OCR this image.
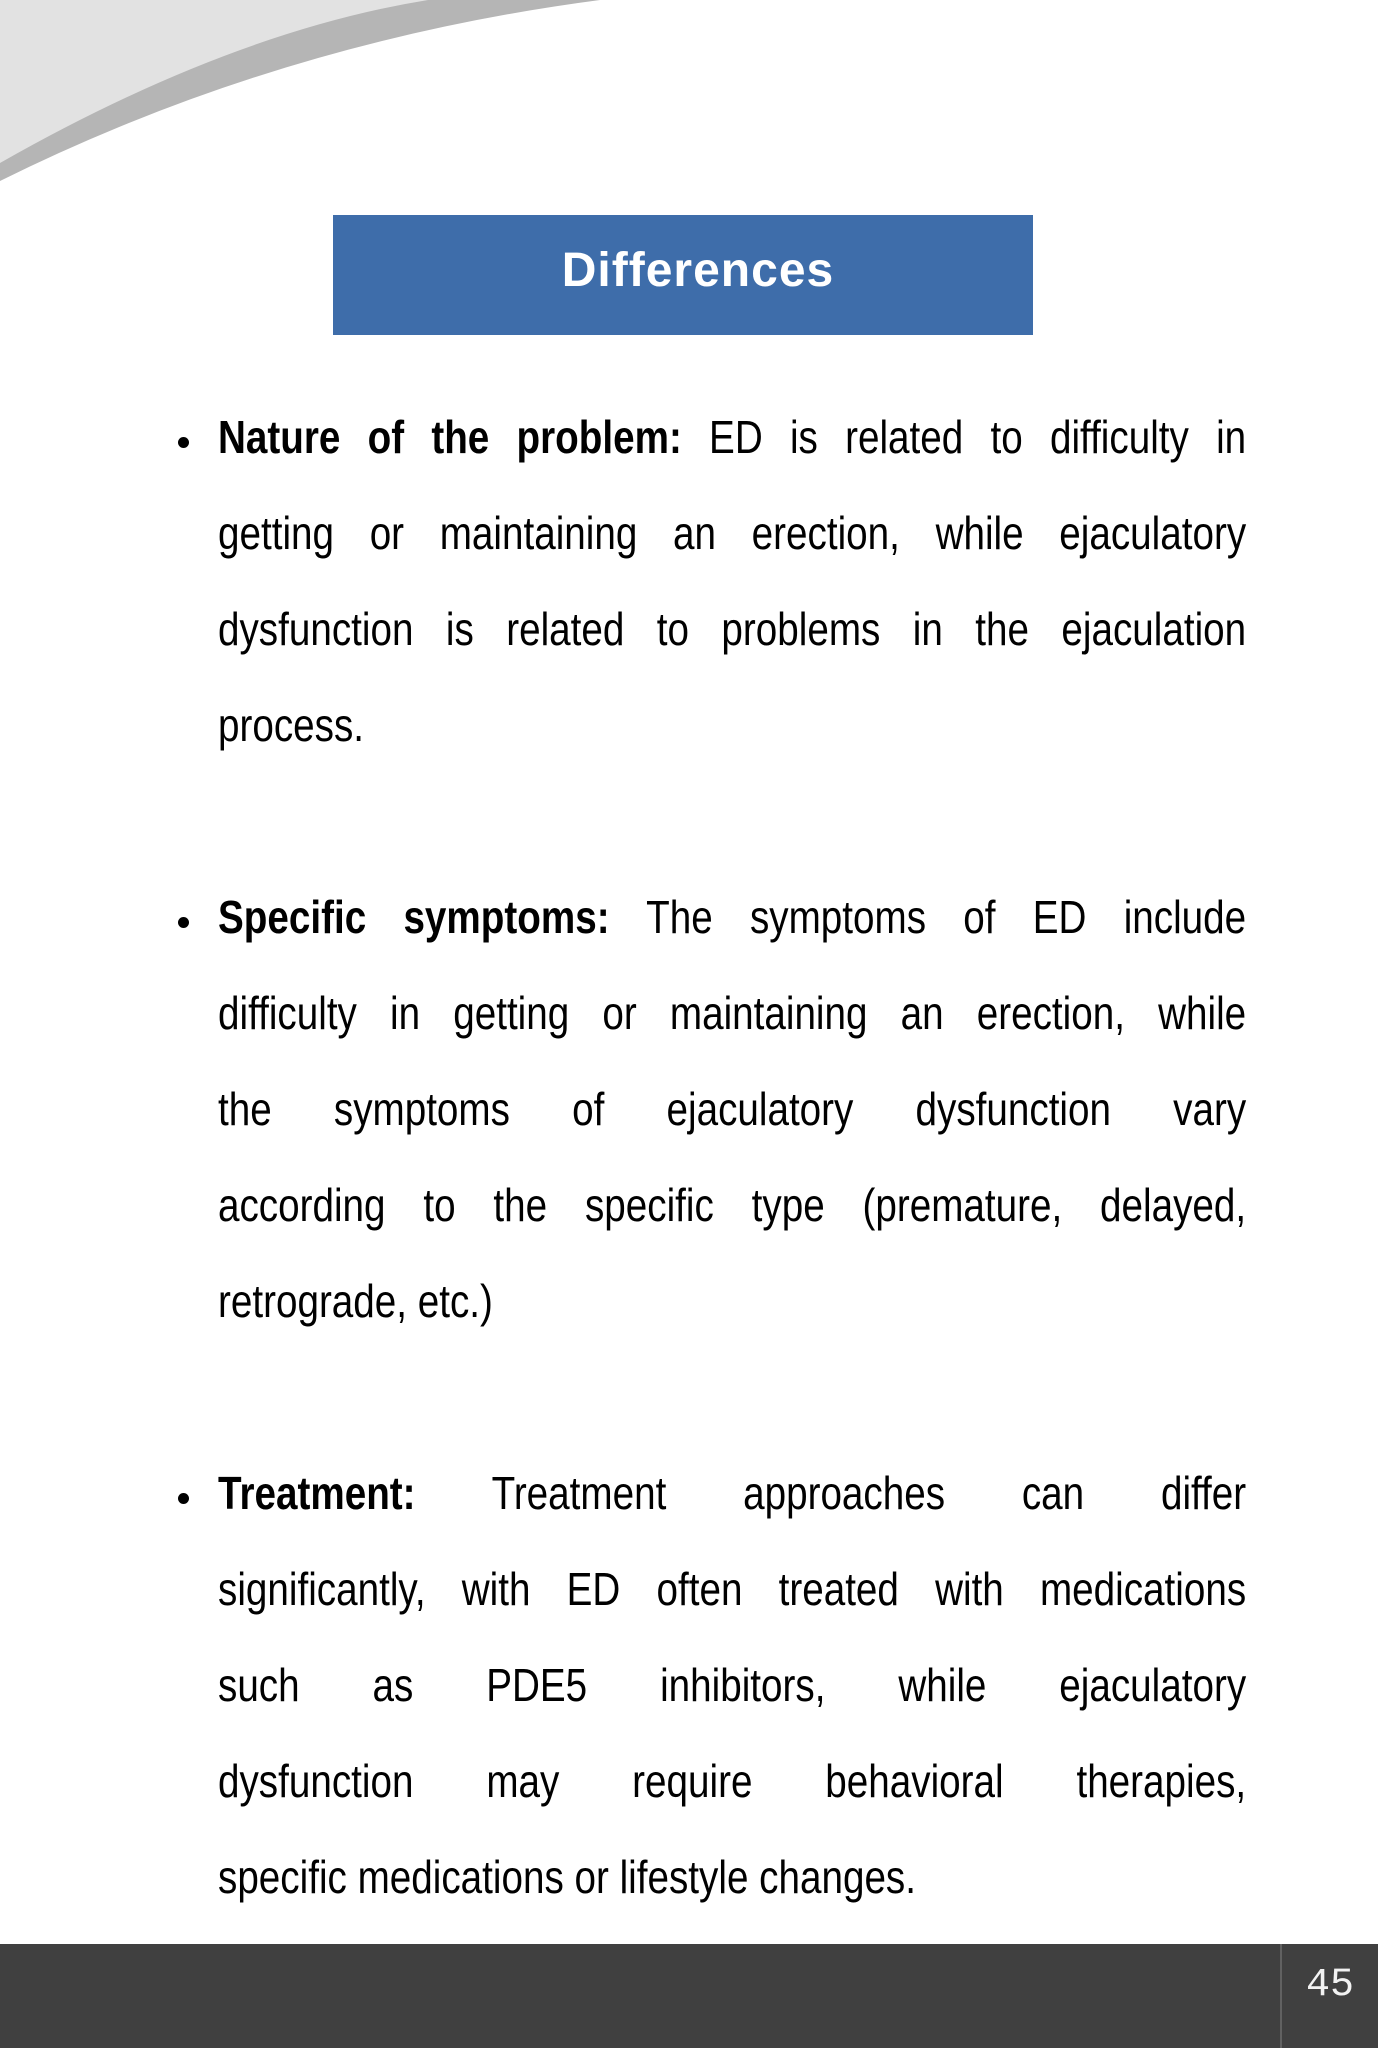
Differences
Nature of the problem: ED is related to difficulty in
getting or maintaining an erection, while ejaculatory
dysfunction is related to problems in the ejaculation
process.
Specific symptoms: The symptoms of ED include
difficulty in getting or maintaining an erection, while
the symptoms of ejaculatory dysfunction vary
according to the specific type (premature, delayed,
retrograde, etc.)
Treatment: Treatment approaches can differ
significantly, with ED often treated with medications
such as PDE5 inhibitors, while ejaculatory
dysfunction may require behavioral therapies,
specific medications or lifestyle changes.
45
